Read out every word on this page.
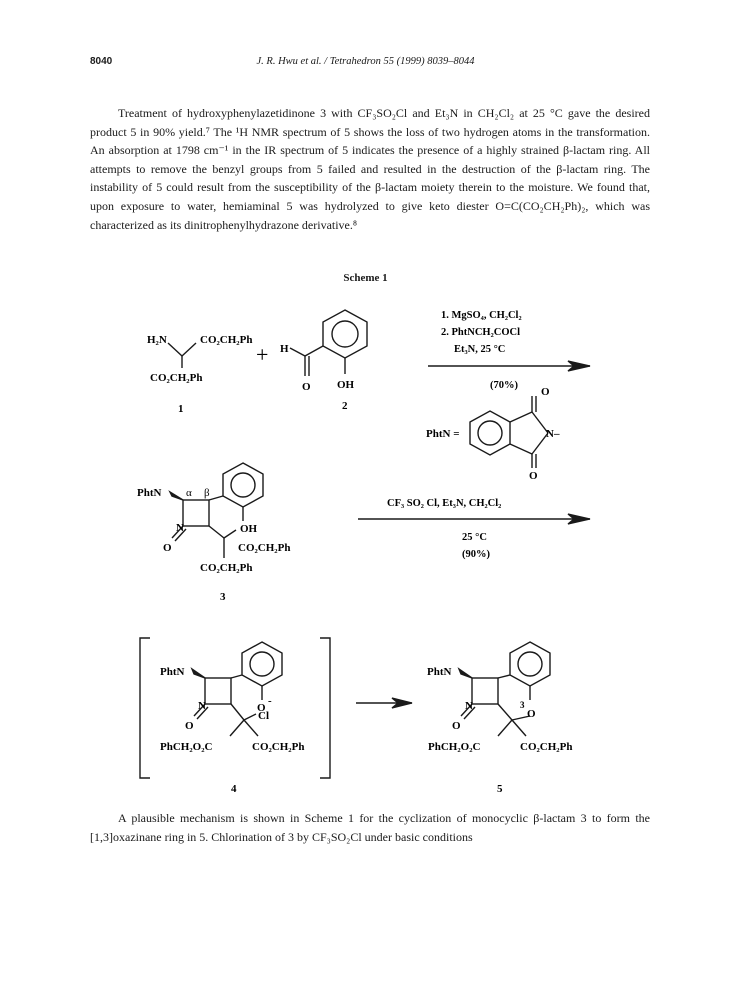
8040	J. R. Hwu et al. / Tetrahedron 55 (1999) 8039–8044

Treatment of hydroxyphenylazetidinone 3 with CF₃SO₂Cl and Et₃N in CH₂Cl₂ at 25 °C gave the desired product 5 in 90% yield.⁷ The ¹H NMR spectrum of 5 shows the loss of two hydrogen atoms in the transformation. An absorption at 1798 cm⁻¹ in the IR spectrum of 5 indicates the presence of a highly strained β-lactam ring. All attempts to remove the benzyl groups from 5 failed and resulted in the destruction of the β-lactam ring. The instability of 5 could result from the susceptibility of the β-lactam moiety therein to the moisture. We found that, upon exposure to water, hemiaminal 5 was hydrolyzed to give keto diester O=C(CO₂CH₂Ph)₂, which was characterized as its dinitrophenylhydrazone derivative.⁸

Scheme 1
H₂N	CO₂CH₂Ph
CO₂CH₂Ph
1
+ H
O OH
2
1. MgSO₄, CH₂Cl₂
2. PhtNCH₂COCl
Et₃N, 25 °C
(70%)
PhtN =	N–
O
O
PhtN α β
N	OH
O	CO₂CH₂Ph
CO₂CH₂Ph
3
CF₃ SO₂ Cl, Et₃N, CH₂Cl₂
25 °C
(90%)
PhtN
N	O
-
Cl
O
PhCH₂O₂C	CO₂CH₂Ph
4
PhtN
N	3
O
O
PhCH₂O₂C	CO₂CH₂Ph
5

A plausible mechanism is shown in Scheme 1 for the cyclization of monocyclic β-lactam 3 to form the [1,3]oxazinane ring in 5. Chlorination of 3 by CF₃SO₂Cl under basic conditions
